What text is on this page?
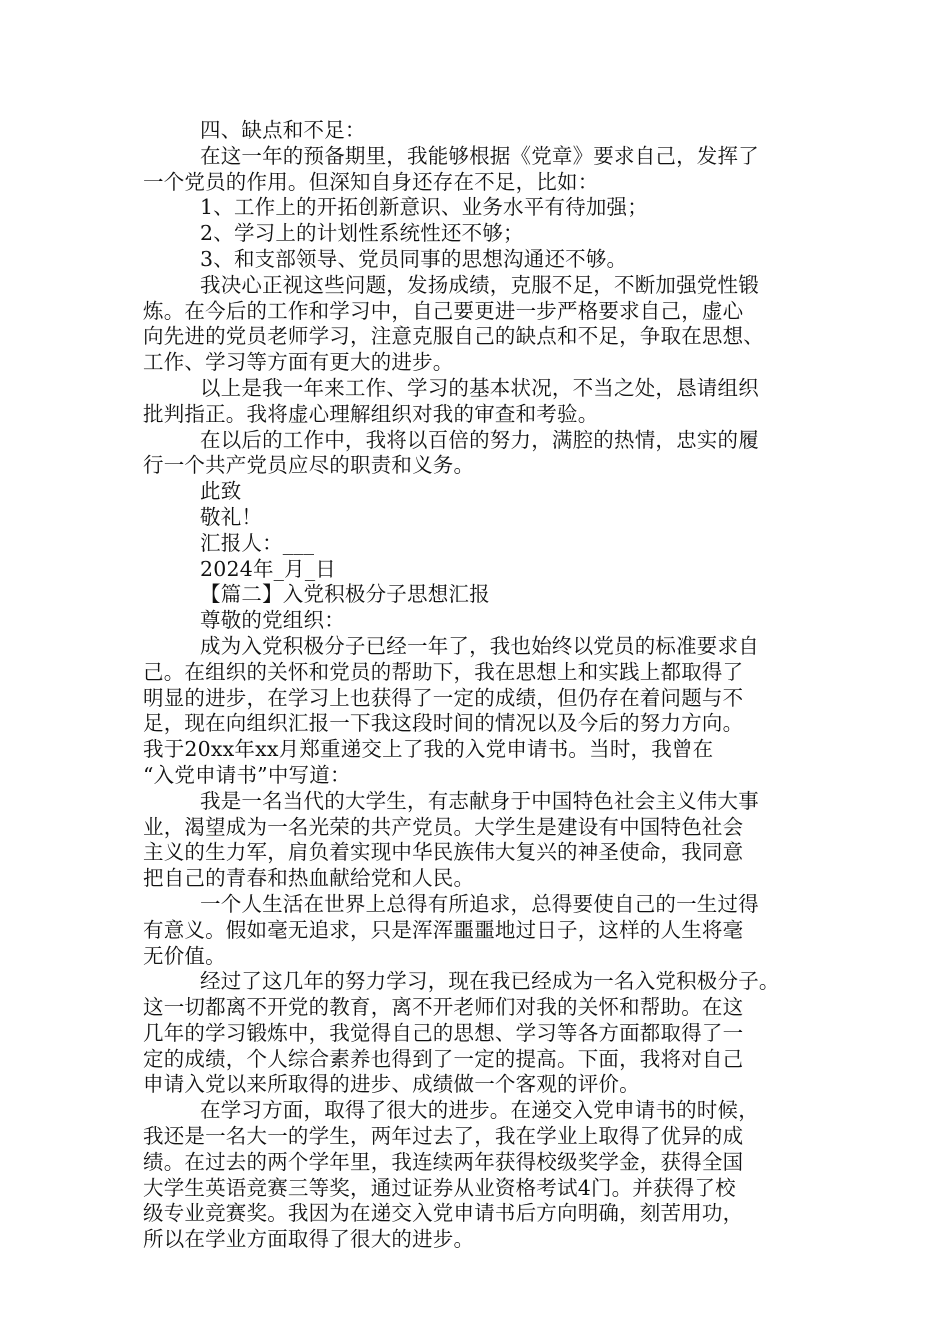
四、缺点和不足：
在这一年的预备期里，我能够根据《党章》要求自己，发挥了
一个党员的作用。但深知自身还存在不足，比如：
1、工作上的开拓创新意识、业务水平有待加强；
2、学习上的计划性系统性还不够；
3、和支部领导、党员同事的思想沟通还不够。
我决心正视这些问题，发扬成绩，克服不足，不断加强党性锻
炼。在今后的工作和学习中，自己要更进一步严格要求自己，虚心
向先进的党员老师学习，注意克服自己的缺点和不足，争取在思想、
工作、学习等方面有更大的进步。
以上是我一年来工作、学习的基本状况，不当之处，恳请组织
批判指正。我将虚心理解组织对我的审查和考验。
在以后的工作中，我将以百倍的努力，满腔的热情，忠实的履
行一个共产党员应尽的职责和义务。
此致
敬礼！
汇报人：___
2024年_月_日
【篇二】入党积极分子思想汇报
尊敬的党组织：
成为入党积极分子已经一年了，我也始终以党员的标准要求自
己。在组织的关怀和党员的帮助下，我在思想上和实践上都取得了
明显的进步，在学习上也获得了一定的成绩，但仍存在着问题与不
足，现在向组织汇报一下我这段时间的情况以及今后的努力方向。
我于20xx年xx月郑重递交上了我的入党申请书。当时，我曾在
“入党申请书”中写道：
我是一名当代的大学生，有志献身于中国特色社会主义伟大事
业，渴望成为一名光荣的共产党员。大学生是建设有中国特色社会
主义的生力军，肩负着实现中华民族伟大复兴的神圣使命，我同意
把自己的青春和热血献给党和人民。
一个人生活在世界上总得有所追求，总得要使自己的一生过得
有意义。假如毫无追求，只是浑浑噩噩地过日子，这样的人生将毫
无价值。
经过了这几年的努力学习，现在我已经成为一名入党积极分子。
这一切都离不开党的教育，离不开老师们对我的关怀和帮助。在这
几年的学习锻炼中，我觉得自己的思想、学习等各方面都取得了一
定的成绩，个人综合素养也得到了一定的提高。下面，我将对自己
申请入党以来所取得的进步、成绩做一个客观的评价。
在学习方面，取得了很大的进步。在递交入党申请书的时候，
我还是一名大一的学生，两年过去了，我在学业上取得了优异的成
绩。在过去的两个学年里，我连续两年获得校级奖学金，获得全国
大学生英语竞赛三等奖，通过证券从业资格考试4门。并获得了校
级专业竞赛奖。我因为在递交入党申请书后方向明确，刻苦用功，
所以在学业方面取得了很大的进步。
